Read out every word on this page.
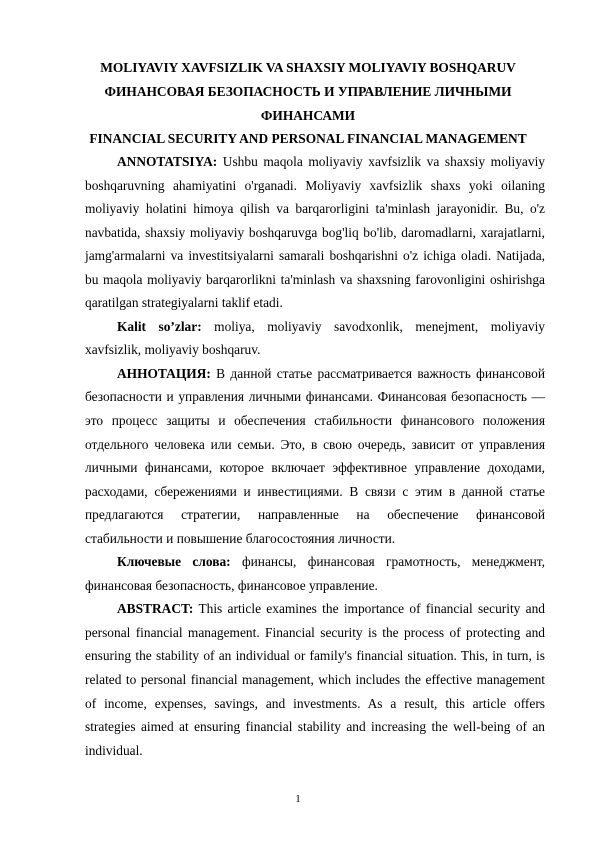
MOLIYAVIY XAVFSIZLIK VA SHAXSIY MOLIYAVIY BOSHQARUV
ФИНАНСОВАЯ БЕЗОПАСНОСТЬ И УПРАВЛЕНИЕ ЛИЧНЫМИ ФИНАНСАМИ
FINANCIAL SECURITY AND PERSONAL FINANCIAL MANAGEMENT

ANNOTATSIYA: Ushbu maqola moliyaviy xavfsizlik va shaxsiy moliyaviy boshqaruvning ahamiyatini o'rganadi. Moliyaviy xavfsizlik shaxs yoki oilaning moliyaviy holatini himoya qilish va barqarorligini ta'minlash jarayonidir. Bu, o'z navbatida, shaxsiy moliyaviy boshqaruvga bog'liq bo'lib, daromadlarni, xarajatlarni, jamg'armalarni va investitsiyalarni samarali boshqarishni o'z ichiga oladi. Natijada, bu maqola moliyaviy barqarorlikni ta'minlash va shaxsning farovonligini oshirishga qaratilgan strategiyalarni taklif etadi.

Kalit so’zlar: moliya, moliyaviy savodxonlik, menejment, moliyaviy xavfsizlik, moliyaviy boshqaruv.

АННОТАЦИЯ: В данной статье рассматривается важность финансовой безопасности и управления личными финансами. Финансовая безопасность — это процесс защиты и обеспечения стабильности финансового положения отдельного человека или семьи. Это, в свою очередь, зависит от управления личными финансами, которое включает эффективное управление доходами, расходами, сбережениями и инвестициями. В связи с этим в данной статье предлагаются стратегии, направленные на обеспечение финансовой стабильности и повышение благосостояния личности.

Ключевые слова: финансы, финансовая грамотность, менеджмент, финансовая безопасность, финансовое управление.

ABSTRACT: This article examines the importance of financial security and personal financial management. Financial security is the process of protecting and ensuring the stability of an individual or family's financial situation. This, in turn, is related to personal financial management, which includes the effective management of income, expenses, savings, and investments. As a result, this article offers strategies aimed at ensuring financial stability and increasing the well-being of an individual.

1
